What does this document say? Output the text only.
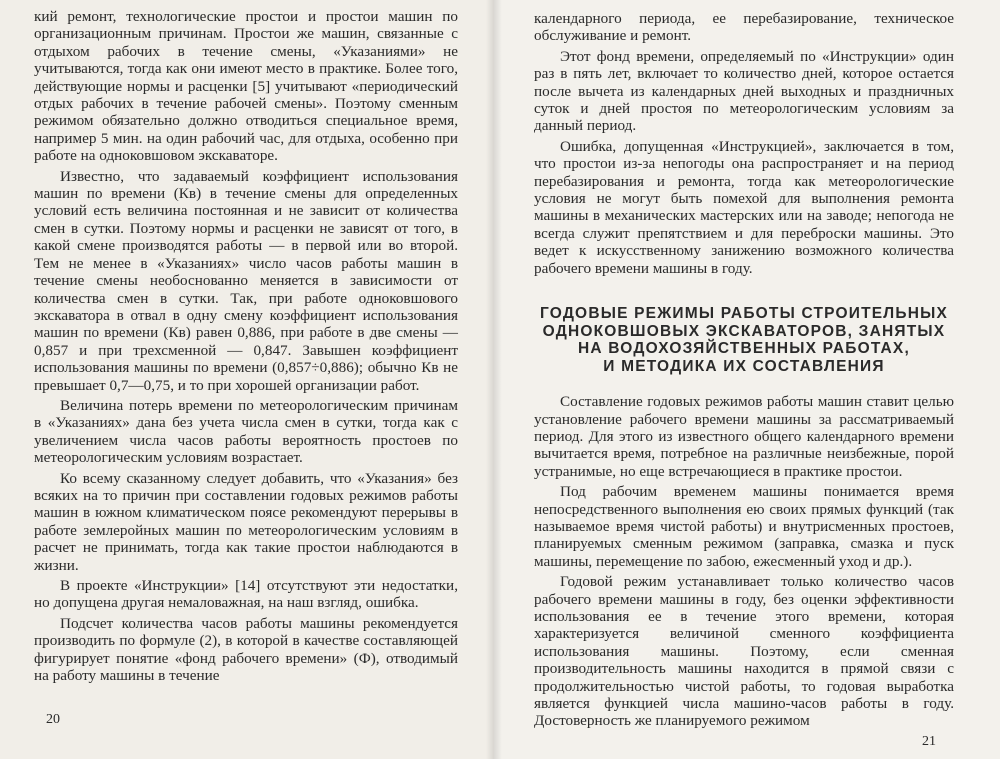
кий ремонт, технологические простои и простои машин по организационным причинам. Простои же машин, связанные с отдыхом рабочих в течение смены, «Указаниями» не учитываются, тогда как они имеют место в практике. Более того, действующие нормы и расценки [5] учитывают «периодический отдых рабочих в течение рабочей смены». Поэтому сменным режимом обязательно должно отводиться специальное время, например 5 мин. на один рабочий час, для отдыха, особенно при работе на одноковшовом экскаваторе.

Известно, что задаваемый коэффициент использования машин по времени (Кв) в течение смены для определенных условий есть величина постоянная и не зависит от количества смен в сутки. Поэтому нормы и расценки не зависят от того, в какой смене производятся работы — в первой или во второй. Тем не менее в «Указаниях» число часов работы машин в течение смены необоснованно меняется в зависимости от количества смен в сутки. Так, при работе одноковшового экскаватора в отвал в одну смену коэффициент использования машин по времени (Кв) равен 0,886, при работе в две смены —0,857 и при трехсменной — 0,847. Завышен коэффициент использования машины по времени (0,857÷0,886); обычно Кв не превышает 0,7—0,75, и то при хорошей организации работ.

Величина потерь времени по метеорологическим причинам в «Указаниях» дана без учета числа смен в сутки, тогда как с увеличением числа часов работы вероятность простоев по метеорологическим условиям возрастает.

Ко всему сказанному следует добавить, что «Указания» без всяких на то причин при составлении годовых режимов работы машин в южном климатическом поясе рекомендуют перерывы в работе землеройных машин по метеорологическим условиям в расчет не принимать, тогда как такие простои наблюдаются в жизни.

В проекте «Инструкции» [14] отсутствуют эти недостатки, но допущена другая немаловажная, на наш взгляд, ошибка.

Подсчет количества часов работы машины рекомендуется производить по формуле (2), в которой в качестве составляющей фигурирует понятие «фонд рабочего времени» (Ф), отводимый на работу машины в течение

20

календарного периода, ее перебазирование, техническое обслуживание и ремонт.

Этот фонд времени, определяемый по «Инструкции» один раз в пять лет, включает то количество дней, которое остается после вычета из календарных дней выходных и праздничных суток и дней простоя по метеорологическим условиям за данный период.

Ошибка, допущенная «Инструкцией», заключается в том, что простои из-за непогоды она распространяет и на период перебазирования и ремонта, тогда как метеорологические условия не могут быть помехой для выполнения ремонта машины в механических мастерских или на заводе; непогода не всегда служит препятствием и для переброски машины. Это ведет к искусственному занижению возможного количества рабочего времени машины в году.

ГОДОВЫЕ РЕЖИМЫ РАБОТЫ СТРОИТЕЛЬНЫХ
ОДНОКОВШОВЫХ ЭКСКАВАТОРОВ, ЗАНЯТЫХ
НА ВОДОХОЗЯЙСТВЕННЫХ РАБОТАХ,
И МЕТОДИКА ИХ СОСТАВЛЕНИЯ

Составление годовых режимов работы машин ставит целью установление рабочего времени машины за рассматриваемый период. Для этого из известного общего календарного времени вычитается время, потребное на различные неизбежные, порой устранимые, но еще встречающиеся в практике простои.

Под рабочим временем машины понимается время непосредственного выполнения ею своих прямых функций (так называемое время чистой работы) и внутрисменных простоев, планируемых сменным режимом (заправка, смазка и пуск машины, перемещение по забою, ежесменный уход и др.).

Годовой режим устанавливает только количество часов рабочего времени машины в году, без оценки эффективности использования ее в течение этого времени, которая характеризуется величиной сменного коэффициента использования машины. Поэтому, если сменная производительность машины находится в прямой связи с продолжительностью чистой работы, то годовая выработка является функцией числа машино-часов работы в году. Достоверность же планируемого режимом

21
